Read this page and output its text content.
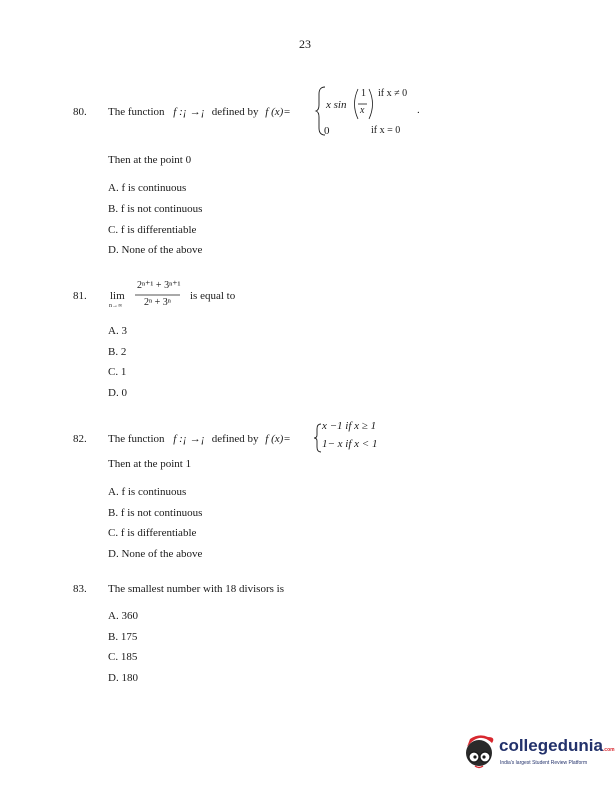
23
80. The function f :¡ →¡ defined by f (x)=
x sin
1
x
if x ≠ 0
0	if x = 0
.
Then at the point 0
A. f is continuous
B. f is not continuous
C. f is differentiable
D. None of the above
81. lim
n→∞
2ⁿ⁺¹ + 3ⁿ⁺¹
2ⁿ + 3ⁿ
is equal to
A. 3
B. 2
C. 1
D. 0
82. The function f :¡ →¡ defined by f (x)=
x −1 if x ≥ 1
1− x if x < 1
Then at the point 1
A. f is continuous
B. f is not continuous
C. f is differentiable
D. None of the above
83. The smallest number with 18 divisors is
A. 360
B. 175
C. 185
D. 180
collegedunia.com
India's largest Student Review Platform
